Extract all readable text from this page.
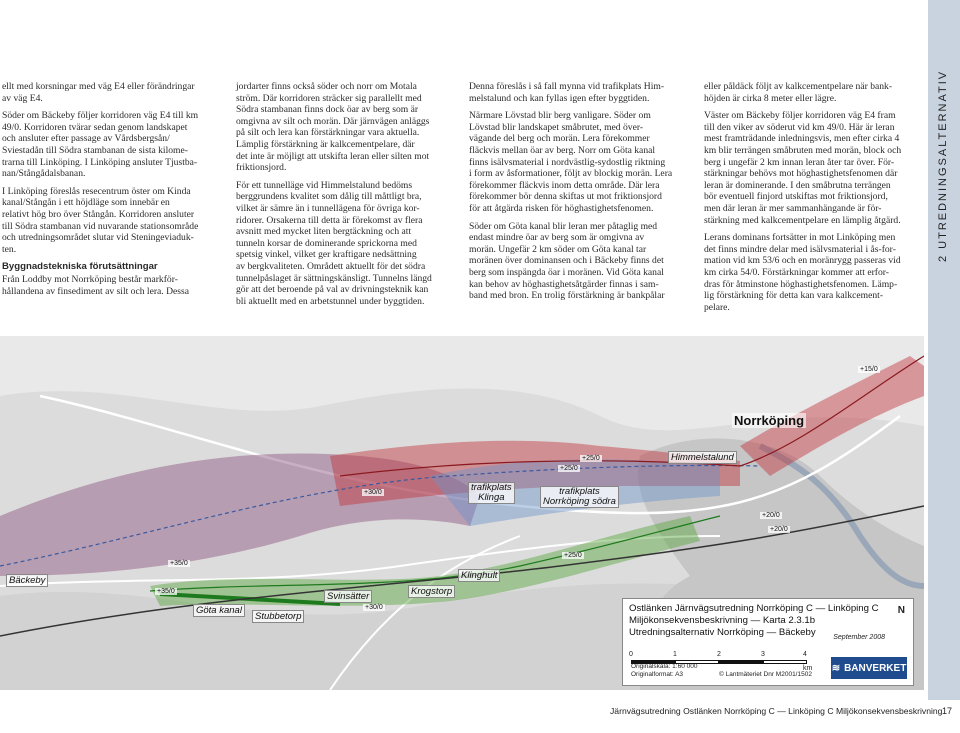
ellt med korsningar med väg E4 eller förändringar
av väg E4.

Söder om Bäckeby följer korridoren väg E4 till km
49/0. Korridoren tvärar sedan genom landskapet
och ansluter efter passage av Vårdsbergsån/
Sviestadån till Södra stambanan de sista kilome-
trarna till Linköping. I Linköping ansluter Tjustba-
nan/Stångådalsbanan.

I Linköping föreslås resecentrum öster om Kinda
kanal/Stångån i ett höjdläge som innebär en
relativt hög bro över Stångån. Korridoren ansluter
till Södra stambanan vid nuvarande stationsområde
och utredningsområdet slutar vid Steningeviaduk-
ten.

Byggnadstekniska förutsättningar

Från Loddby mot Norrköping består markför-
hållandena av finsediment av silt och lera. Dessa

jordarter finns också söder och norr om Motala
ström. Där korridoren sträcker sig parallellt med
Södra stambanan finns dock öar av berg som är
omgivna av silt och morän. Där järnvägen anläggs
på silt och lera kan förstärkningar vara aktuella.
Lämplig förstärkning är kalkcementpelare, där
det inte är möjligt att utskifta leran eller silten mot
friktionsjord.

För ett tunnelläge vid Himmelstalund bedöms
berggrundens kvalitet som dålig till måttligt bra,
vilket är sämre än i tunnellägena för övriga kor-
ridorer. Orsakerna till detta är förekomst av flera
avsnitt med mycket liten bergtäckning och att
tunneln korsar de dominerande sprickorna med
spetsig vinkel, vilket ger kraftigare nedsättning
av bergkvaliteten. Områdett aktuellt för det södra
tunnelpåslaget är sättningskänsligt. Tunnelns längd
gör att det beroende på val av drivningsteknik kan
bli aktuellt med en arbetstunnel under byggtiden.

Denna föreslås i så fall mynna vid trafikplats Him-
melstalund och kan fyllas igen efter byggtiden.

Närmare Lövstad blir berg vanligare. Söder om
Lövstad blir landskapet småbrutet, med över-
vägande del berg och morän. Lera förekommer
fläckvis mellan öar av berg. Norr om Göta kanal
finns isälvsmaterial i nordvästlig-sydostlig riktning
i form av åsformationer, följt av blockig morän. Lera
förekommer fläckvis inom detta område. Där lera
förekommer bör denna skiftas ut mot friktionsjord
för att åtgärda risken för höghastighetsfenomen.

Söder om Göta kanal blir leran mer påtaglig med
endast mindre öar av berg som är omgivna av
morän. Ungefär 2 km söder om Göta kanal tar
moränen över dominansen och i Bäckeby finns det
berg som inspängda öar i moränen. Vid Göta kanal
kan behov av höghastighetsåtgärder finnas i sam-
band med bron. En trolig förstärkning är bankpålar

eller påldäck följt av kalkcementpelare när bank-
höjden är cirka 8 meter eller lägre.

Väster om Bäckeby följer korridoren väg E4 fram
till den viker av söderut vid km 49/0. Här är leran
mest framträdande inledningsvis, men efter cirka 4
km blir terrängen småbruten med morän, block och
berg i ungefär 2 km innan leran åter tar över. För-
stärkningar behövs mot höghastighetsfenomen där
leran är dominerande. I den småbrutna terrängen
bör eventuell finjord utskiftas mot friktionsjord,
men där leran är mer sammanhängande är för-
stärkning med kalkcementpelare en lämplig åtgärd.

Lerans dominans fortsätter in mot Linköping men
det finns mindre delar med isälvsmaterial i ås-for-
mation vid km 53/6 och en moränrygg passeras vid
km cirka 54/0. Förstärkningar kommer att erfor-
dras för åtminstone höghastighetsfenomen. Lämp-
lig förstärkning för detta kan vara kalkcement-
pelare.

2 UTREDNINGSALTERNATIV
Norrköping
Himmelstalund
trafikplats
Klinga
trafikplats
Norrköping södra
Bäckeby
Göta kanal
Stubbetorp
Svinsätter	Krogstorp
Klinghult
+15/0
+20/0
+25/0
+25/0
+30/0
+35/0
+35/0
+30/0
+25/0
+20/0
Ostlänken Järnvägsutredning Norrköping C — Linköping C
Miljökonsekvensbeskrivning — Karta 2.3.1b
Utredningsalternativ Norrköping — Bäckeby	September 2008
N
0	1	2	3	4
km
Originalskala: 1:60 000
Originalformat: A3	© Lantmäteriet Dnr M2001/1502
≋ BANVERKET
Järnvägsutredning Ostlänken Norrköping C — Linköping C Miljökonsekvensbeskrivning 17
